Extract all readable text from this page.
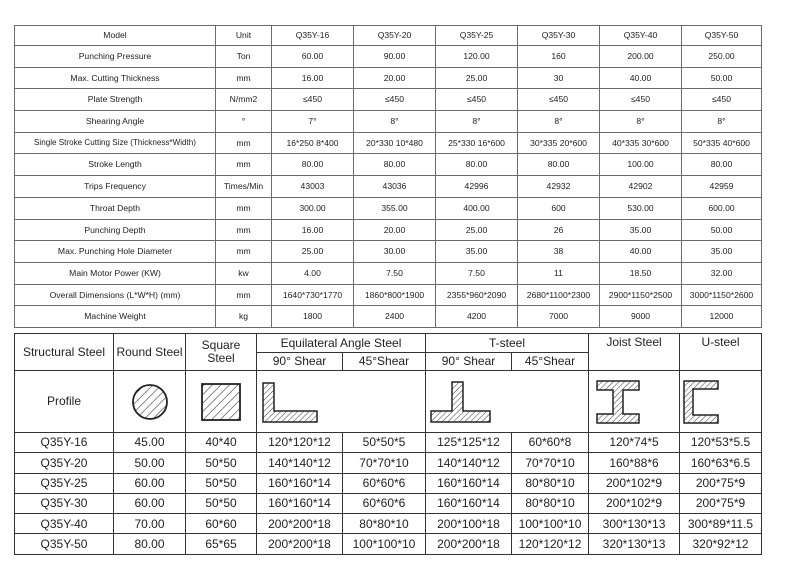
Model	Unit	Q35Y-16	Q35Y-20	Q35Y-25	Q35Y-30	Q35Y-40	Q35Y-50
Punching Pressure	Ton	60.00	90.00	120.00	160	200.00	250.00
Max. Cutting Thickness	mm	16.00	20.00	25.00	30	40.00	50.00
Plate Strength	N/mm2	≤450	≤450	≤450	≤450	≤450	≤450
Shearing Angle	°	7°	8°	8°	8°	8°	8°
Single Stroke Cutting Size (Thickness*Width)	mm	16*250 8*400	20*330 10*480	25*330 16*600	30*335 20*600	40*335 30*600	50*335 40*600
Stroke Length	mm	80.00	80.00	80.00	80.00	100.00	80.00
Trips Frequency	Times/Min	43003	43036	42996	42932	42902	42959
Throat Depth	mm	300.00	355.00	400.00	600	530.00	600.00
Punching Depth	mm	16.00	20.00	25.00	26	35.00	50.00
Max. Punching Hole Diameter	mm	25.00	30.00	35.00	38	40.00	35.00
Main Motor Power (KW)	kw	4.00	7.50	7.50	11	18.50	32.00
Overall Dimensions (L*W*H) (mm)	mm	1640*730*1770	1860*800*1900	2355*960*2090	2680*1100*2300	2900*1150*2500	3000*1150*2600
Machine Weight	kg	1800	2400	4200	7000	9000	12000
Structural Steel	Round Steel	Square Steel	Equilateral Angle Steel		T-steel		Joist Steel	U-steel
			90° Shear	45°Shear	90° Shear	45°Shear		
Profile	

Q35Y-16	45.00	40*40	120*120*12	50*50*5	125*125*12	60*60*8	120*74*5	120*53*5.5
Q35Y-20	50.00	50*50	140*140*12	70*70*10	140*140*12	70*70*10	160*88*6	160*63*6.5
Q35Y-25	60.00	50*50	160*160*14	60*60*6	160*160*14	80*80*10	200*102*9	200*75*9
Q35Y-30	60.00	50*50	160*160*14	60*60*6	160*160*14	80*80*10	200*102*9	200*75*9
Q35Y-40	70.00	60*60	200*200*18	80*80*10	200*100*18	100*100*10	300*130*13	300*89*11.5
Q35Y-50	80.00	65*65	200*200*18	100*100*10	200*200*18	120*120*12	320*130*13	320*92*12
